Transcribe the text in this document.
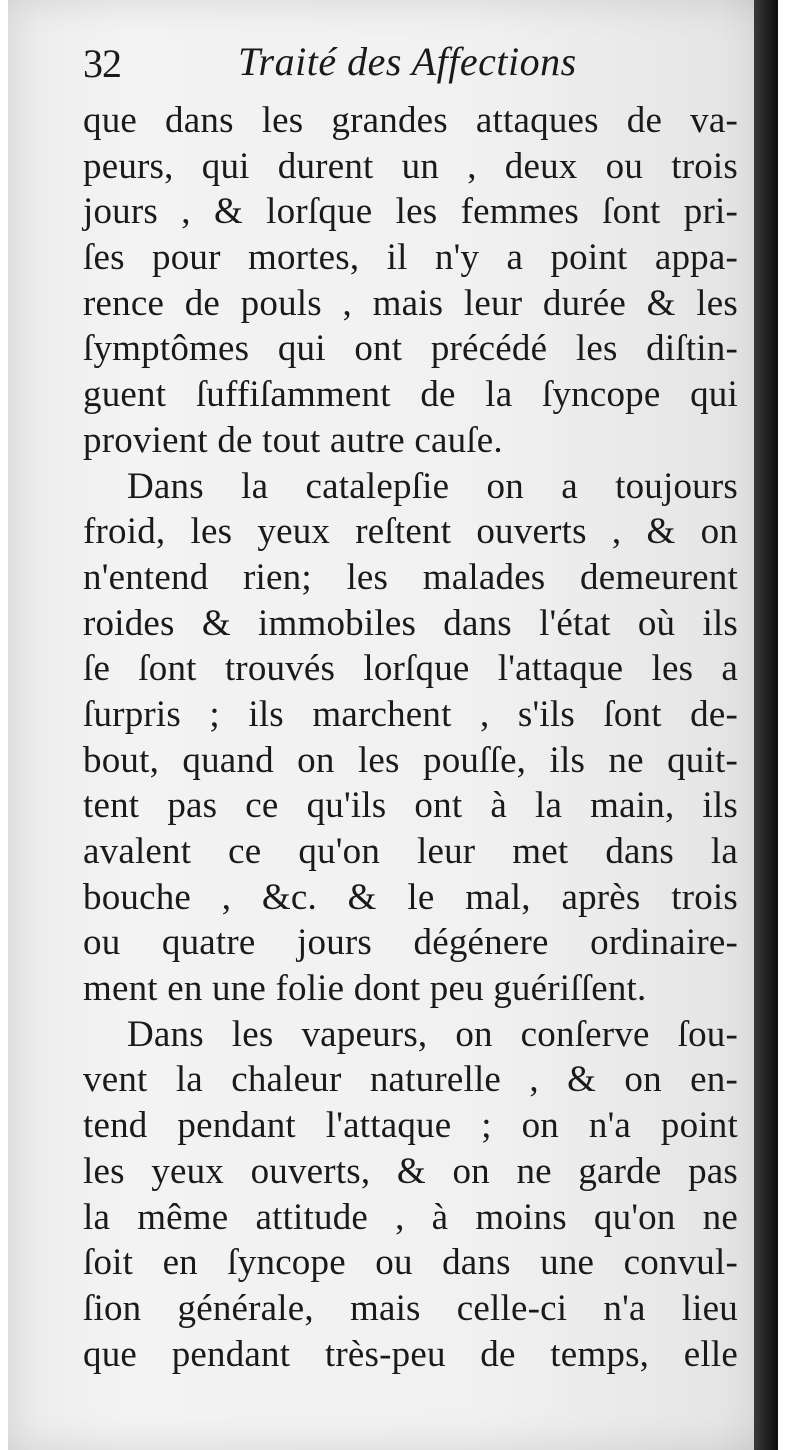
32	Traité des Affections
que dans les grandes attaques de va-
peurs, qui durent un , deux ou trois
jours , & lorſque les femmes ſont pri-
ſes pour mortes, il n'y a point appa-
rence de pouls , mais leur durée & les
ſymptômes qui ont précédé les diſtin-
guent ſuffiſamment de la ſyncope qui
provient de tout autre cauſe.
Dans la catalepſie on a toujours
froid, les yeux reſtent ouverts , & on
n'entend rien; les malades demeurent
roides & immobiles dans l'état où ils
ſe ſont trouvés lorſque l'attaque les a
ſurpris ; ils marchent , s'ils ſont de-
bout, quand on les pouſſe, ils ne quit-
tent pas ce qu'ils ont à la main, ils
avalent ce qu'on leur met dans la
bouche , &c. & le mal, après trois
ou quatre jours dégénere ordinaire-
ment en une folie dont peu guériſſent.
Dans les vapeurs, on conſerve ſou-
vent la chaleur naturelle , & on en-
tend pendant l'attaque ; on n'a point
les yeux ouverts, & on ne garde pas
la même attitude , à moins qu'on ne
ſoit en ſyncope ou dans une convul-
ſion générale, mais celle-ci n'a lieu
que pendant très-peu de temps, elle
